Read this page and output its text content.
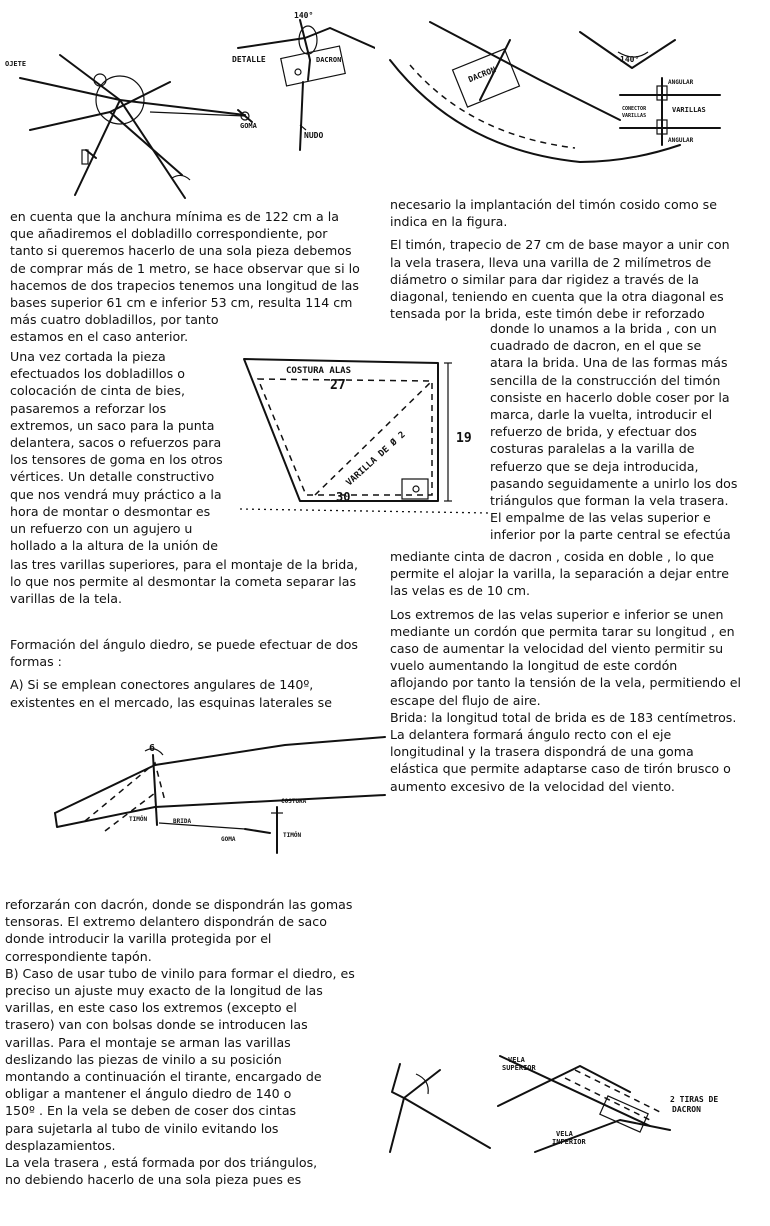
OJETE	DETALLE
140°
DACRON
GOMA
NUDO
140°
DACRON	ANGULAR
CONECTOR
VARILLAS
VARILLAS
ANGULAR
COSTURA ALAS
27
VARILLA DE Ø 2	19
30
6
COSTURA
TIMÓN	BRIDA
GOMA
TIMÓN
VELA
SUPERIOR
2 TIRAS DE
DACRON
VELA
INFERIOR

en cuenta que la anchura mínima es de 122 cm a la

que añadiremos el dobladillo correspondiente, por

tanto si queremos hacerlo de una sola pieza debemos

de comprar más de 1 metro, se hace observar que si lo

hacemos de dos trapecios tenemos una longitud de las

bases superior 61 cm e inferior 53 cm, resulta 114 cm

más cuatro dobladillos, por tanto

estamos en el caso anterior.

Una vez cortada la pieza

efectuados los dobladillos o

colocación de cinta de bies,

pasaremos a reforzar los

extremos, un saco para la punta

delantera, sacos o refuerzos para

los tensores de goma en los otros

vértices. Un detalle constructivo

que nos vendrá muy práctico a la

hora de montar o desmontar es

un refuerzo con un agujero u

hollado a la altura de la unión de

las tres varillas superiores, para el montaje de la brida,

lo que nos permite al desmontar la cometa separar las

varillas de la tela.

Formación del ángulo diedro, se puede efectuar de dos

formas :

A) Si se emplean conectores angulares de 140º,

existentes en el mercado, las esquinas laterales se

reforzarán con dacrón, donde se dispondrán las gomas

tensoras. El extremo delantero dispondrán de saco

donde introducir la varilla protegida por el

correspondiente tapón.

B) Caso de usar tubo de vinilo para formar el diedro, es

preciso un ajuste muy exacto de la longitud de las

varillas, en este caso los extremos (excepto el

trasero) van con bolsas donde se introducen las

varillas. Para el montaje se arman las varillas

deslizando las piezas de vinilo a su posición

montando a continuación el tirante, encargado de

obligar a mantener el ángulo diedro de 140 o

150º . En la vela se deben de coser dos cintas

para sujetarla al tubo de vinilo evitando los

desplazamientos.

La vela trasera , está formada por dos triángulos,

no debiendo hacerlo de una sola pieza pues es

necesario la implantación del timón cosido como se

indica en la figura.

El timón, trapecio de 27 cm de base mayor a unir con

la vela trasera, lleva una varilla de 2 milímetros de

diámetro o similar para dar rigidez a través de la

diagonal, teniendo en cuenta que la otra diagonal es

tensada por la brida, este timón debe ir reforzado

donde lo unamos a la brida , con un

cuadrado de dacron, en el que se

atara la brida. Una de las formas más

sencilla de la construcción del timón

consiste en hacerlo doble coser por la

marca, darle la vuelta, introducir el

refuerzo de brida, y efectuar dos

costuras paralelas a la varilla de

refuerzo que se deja introducida,

pasando seguidamente a unirlo los dos

triángulos que forman la vela trasera.

El empalme de las velas superior e

inferior por la parte central se efectúa

mediante cinta de dacron , cosida en doble , lo que

permite el alojar la varilla, la separación a dejar entre

las velas es de 10 cm.

Los extremos de las velas superior e inferior se unen

mediante un cordón que permita tarar su longitud , en

caso de aumentar la velocidad del viento permitir su

vuelo aumentando la longitud de este cordón

aflojando por tanto la tensión de la vela, permitiendo el

escape del flujo de aire.

Brida: la longitud total de brida es de 183 centímetros.

La delantera formará ángulo recto con el eje

longitudinal y la trasera dispondrá de una goma

elástica que permite adaptarse caso de tirón brusco o

aumento excesivo de la velocidad del viento.
